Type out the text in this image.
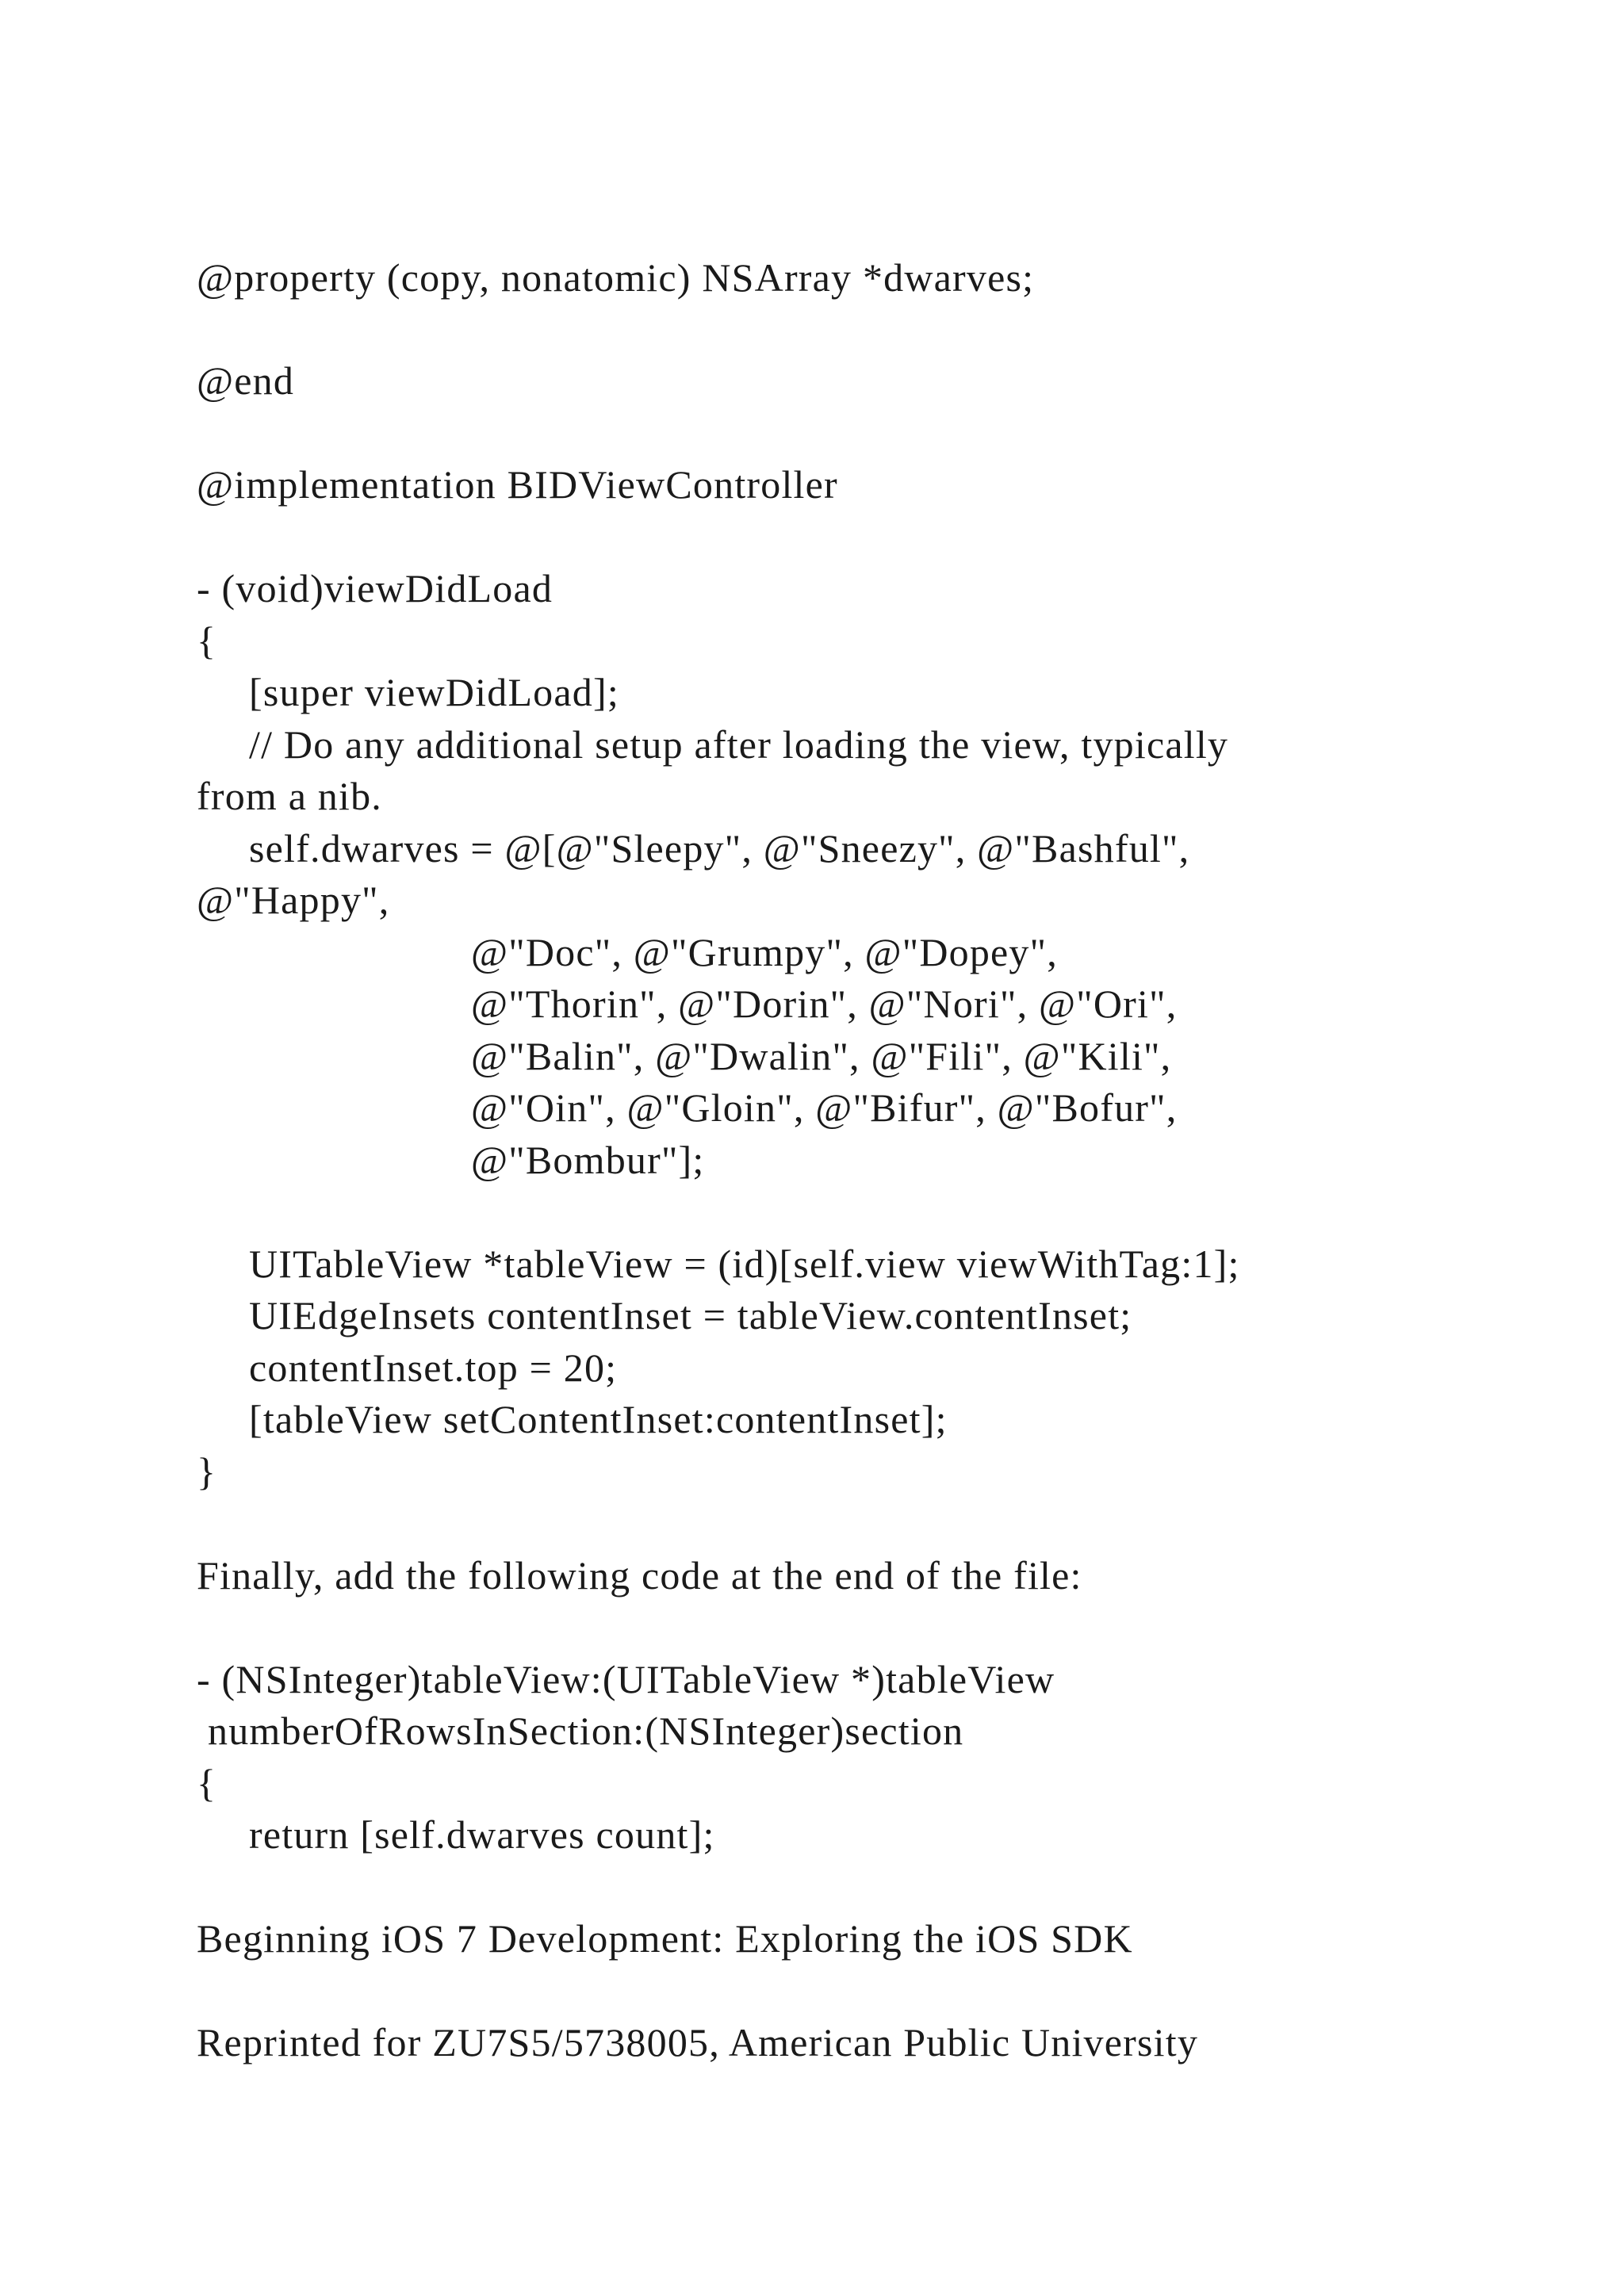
@property (copy, nonatomic) NSArray *dwarves;
@end
@implementation BIDViewController
- (void)viewDidLoad
{
[super viewDidLoad];
// Do any additional setup after loading the view, typically
from a nib.
self.dwarves = @[@"Sleepy", @"Sneezy", @"Bashful",
@"Happy",
@"Doc", @"Grumpy", @"Dopey",
@"Thorin", @"Dorin", @"Nori", @"Ori",
@"Balin", @"Dwalin", @"Fili", @"Kili",
@"Oin", @"Gloin", @"Bifur", @"Bofur",
@"Bombur"];
UITableView *tableView = (id)[self.view viewWithTag:1];
UIEdgeInsets contentInset = tableView.contentInset;
contentInset.top = 20;
[tableView setContentInset:contentInset];
}
Finally, add the following code at the end of the file:
- (NSInteger)tableView:(UITableView *)tableView
numberOfRowsInSection:(NSInteger)section
{
return [self.dwarves count];
Beginning iOS 7 Development: Exploring the iOS SDK
Reprinted for ZU7S5/5738005, American Public University
